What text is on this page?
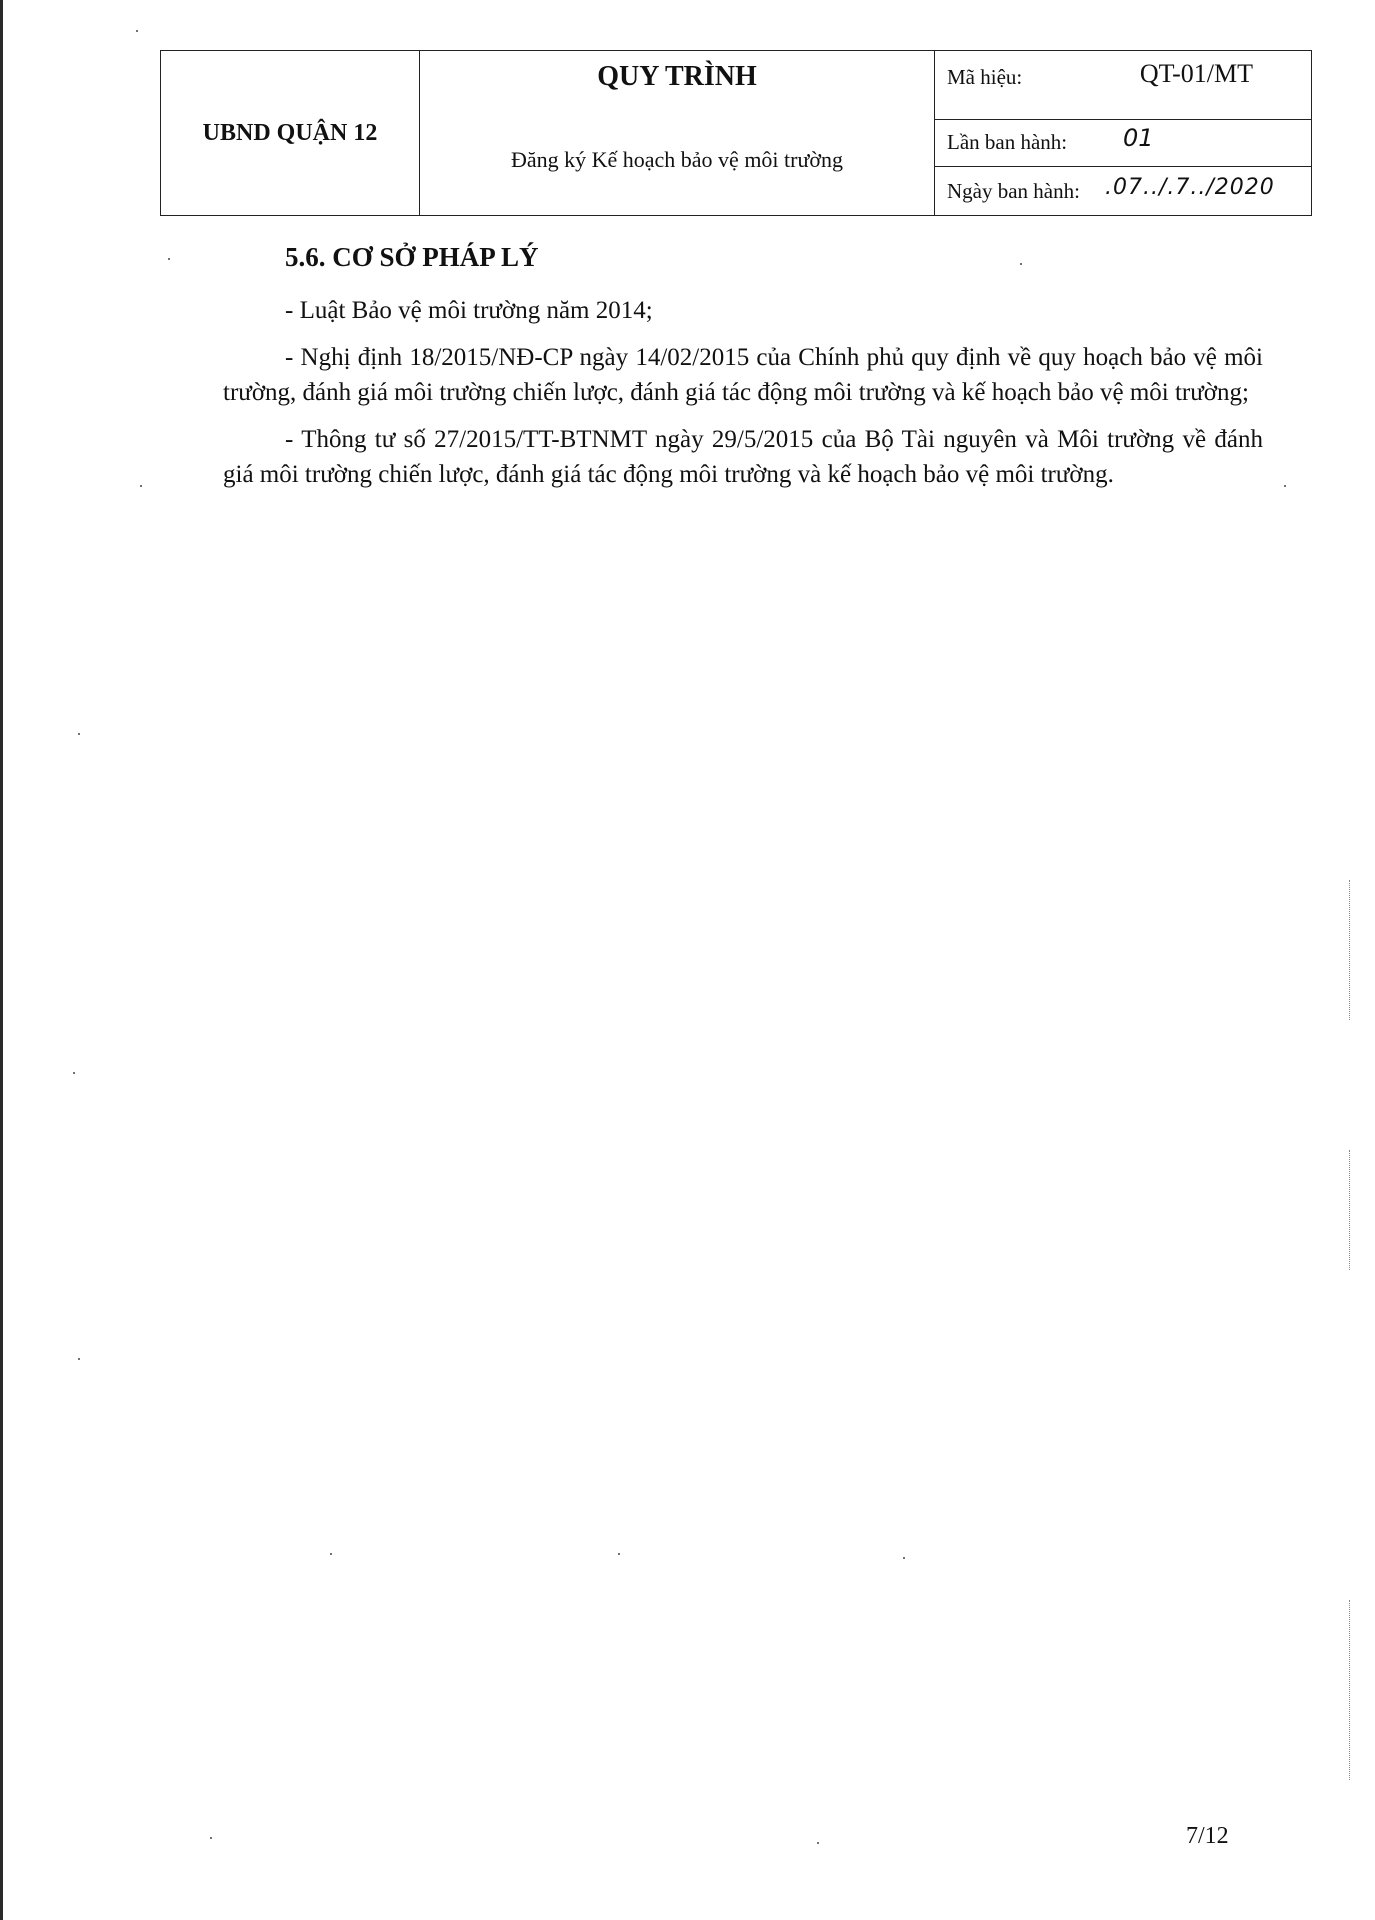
UBND QUẬN 12	
QUY TRÌNH
Đăng ký Kế hoạch bảo vệ môi trường

Mã hiệu:	QT-01/MT

Lần ban hành: 01

Ngày ban hành: .07../.7../2020
5.6. CƠ SỞ PHÁP LÝ

- Luật Bảo vệ môi trường năm 2014;

- Nghị định 18/2015/NĐ-CP ngày 14/02/2015 của Chính phủ quy định về quy hoạch bảo vệ môi trường, đánh giá môi trường chiến lược, đánh giá tác động môi trường và kế hoạch bảo vệ môi trường;

- Thông tư số 27/2015/TT-BTNMT ngày 29/5/2015 của Bộ Tài nguyên và Môi trường về đánh giá môi trường chiến lược, đánh giá tác động môi trường và kế hoạch bảo vệ môi trường.

7/12
